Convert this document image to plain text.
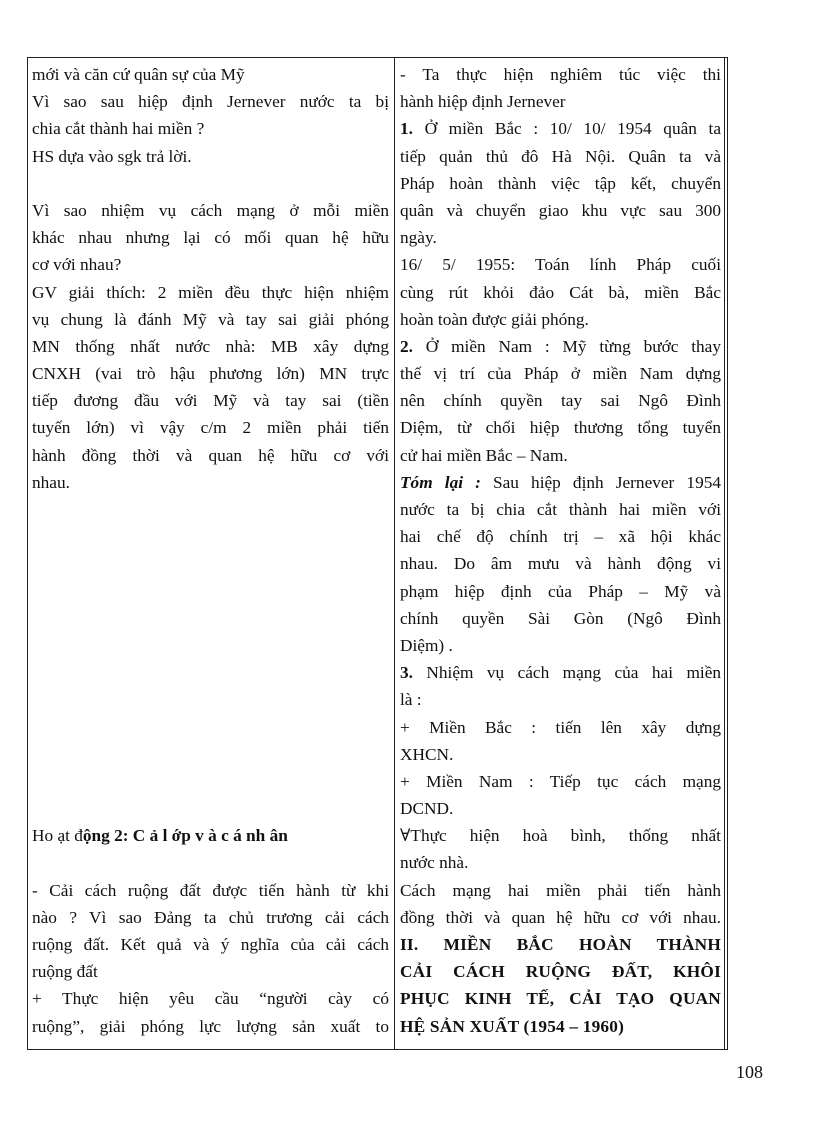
mới và căn cứ quân sự của Mỹ
Vì sao sau hiệp định Jernever nước ta bị
chia cắt thành hai miền ?
HS dựa vào sgk trả lời.
Vì sao nhiệm vụ cách mạng ở mỗi miền
khác nhau nhưng lại có mối quan hệ hữu
cơ với nhau?
GV giải thích: 2 miền đều thực hiện nhiệm
vụ chung là đánh Mỹ và tay sai giải phóng
MN thống nhất nước nhà: MB xây dựng
CNXH (vai trò hậu phương lớn) MN trực
tiếp đương đầu với Mỹ và tay sai (tiền
tuyến lớn) vì vậy c/m 2 miền phải tiến
hành đồng thời và quan hệ hữu cơ với
nhau.
Ho ạt động 2: C ả l ớp v à c á nh ân
- Cải cách ruộng đất được tiến hành từ khi
nào ? Vì sao Đảng ta chủ trương cải cách
ruộng đất. Kết quả và ý nghĩa của cải cách
ruộng đất
+ Thực hiện yêu cầu “người cày có
ruộng”, giải phóng lực lượng sản xuất to
- Ta thực hiện nghiêm túc việc thi
hành hiệp định Jernever
1. Ở miền Bắc : 10/ 10/ 1954 quân ta
tiếp quản thủ đô Hà Nội. Quân ta và
Pháp hoàn thành việc tập kết, chuyển
quân và chuyển giao khu vực sau 300
ngày.
16/ 5/ 1955: Toán lính Pháp cuối
cùng rút khỏi đảo Cát bà, miền Bắc
hoàn toàn được giải phóng.
2. Ở miền Nam : Mỹ từng bước thay
thế vị trí của Pháp ở miền Nam dựng
nên chính quyền tay sai Ngô Đình
Diệm, từ chối hiệp thương tổng tuyển
cử hai miền Bắc – Nam.
Tóm lại : Sau hiệp định Jernever 1954
nước ta bị chia cắt thành hai miền với
hai chế độ chính trị – xã hội khác
nhau. Do âm mưu và hành động vi
phạm hiệp định của Pháp – Mỹ và
chính quyền Sài Gòn (Ngô Đình
Diệm) .
3. Nhiệm vụ cách mạng của hai miền
là :
+ Miền Bắc : tiến lên xây dựng
XHCN.
+ Miền Nam : Tiếp tục cách mạng
DCND.
∀Thực hiện hoà bình, thống nhất
nước nhà.
Cách mạng hai miền phải tiến hành
đồng thời và quan hệ hữu cơ với nhau.
II. MIỀN BẮC HOÀN THÀNH
CẢI CÁCH RUỘNG ĐẤT, KHÔI
PHỤC KINH TẾ, CẢI TẠO QUAN
HỆ SẢN XUẤT (1954 – 1960)
108
